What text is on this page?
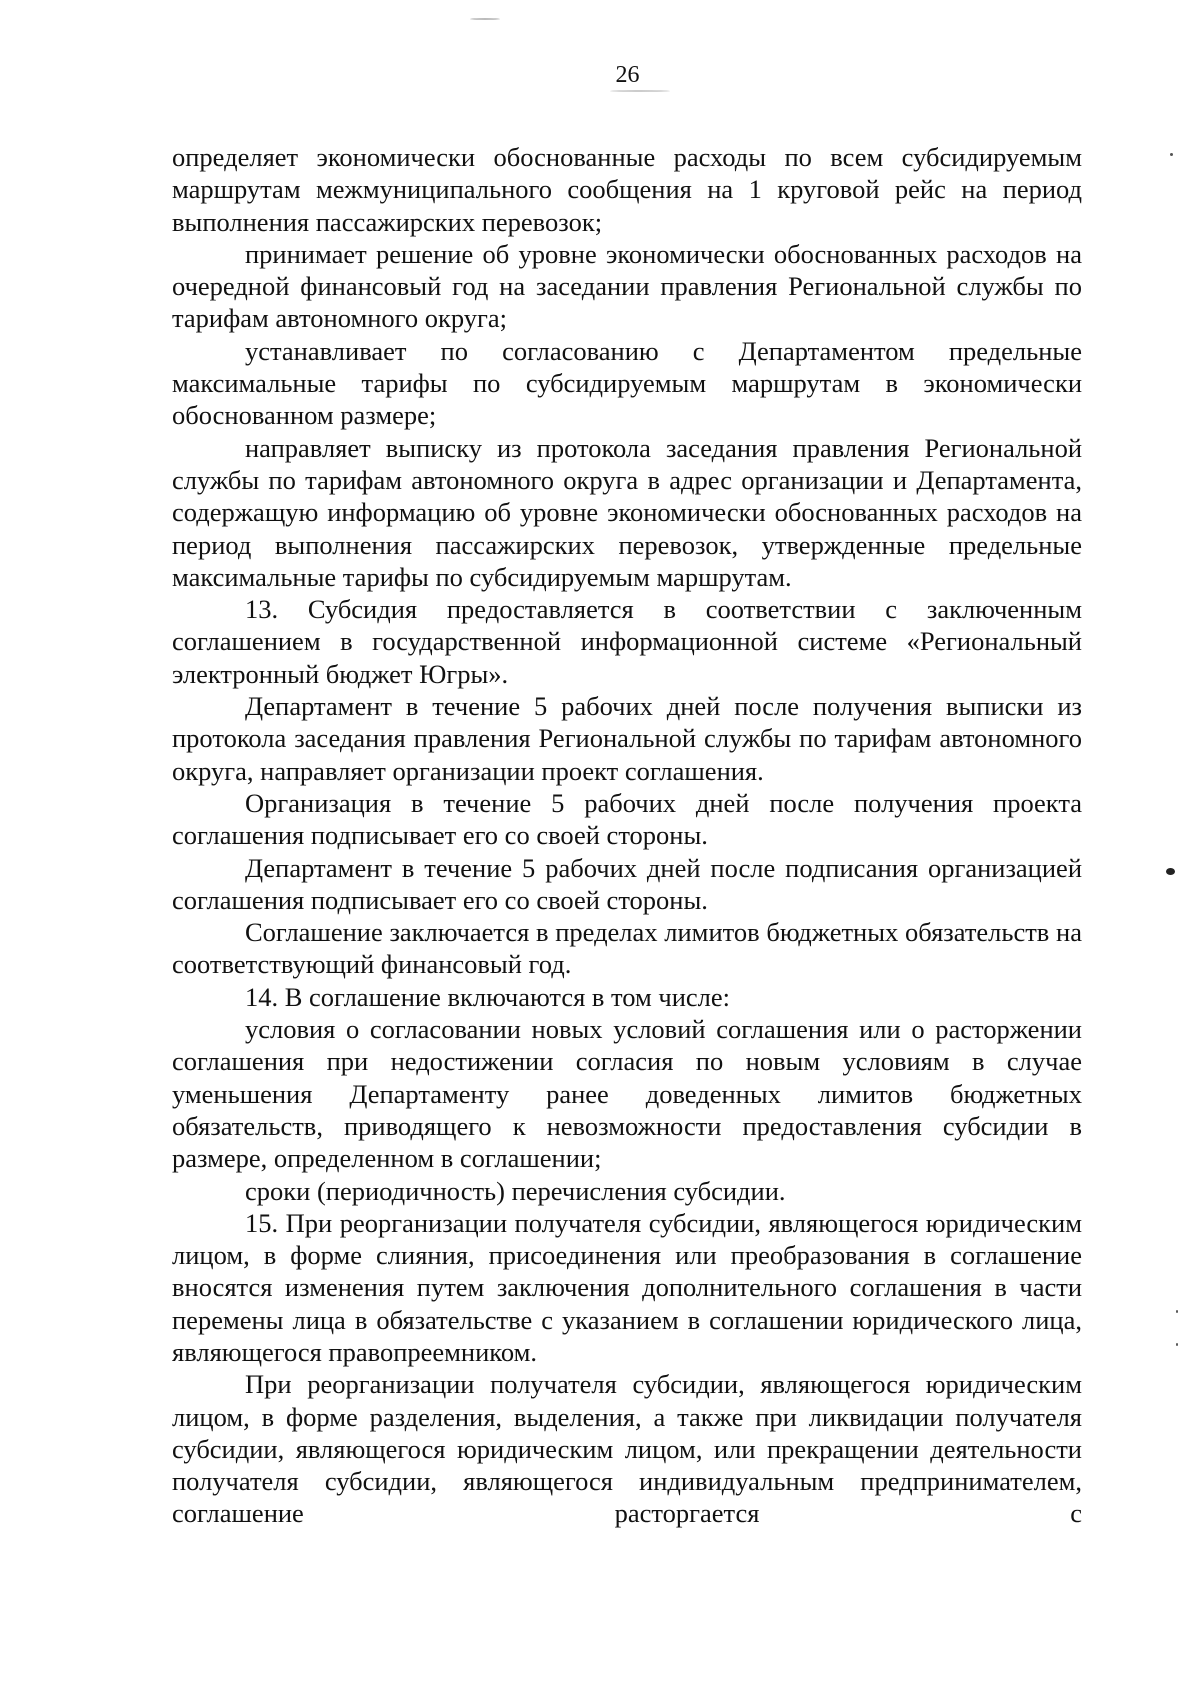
26

определяет экономически обоснованные расходы по всем субсидируемым маршрутам межмуниципального сообщения на 1 круговой рейс на период выполнения пассажирских перевозок;

принимает решение об уровне экономически обоснованных расходов на очередной финансовый год на заседании правления Региональной службы по тарифам автономного округа;

устанавливает по согласованию с Департаментом предельные максимальные тарифы по субсидируемым маршрутам в экономически обоснованном размере;

направляет выписку из протокола заседания правления Региональной службы по тарифам автономного округа в адрес организации и Департамента, содержащую информацию об уровне экономически обоснованных расходов на период выполнения пассажирских перевозок, утвержденные предельные максимальные тарифы по субсидируемым маршрутам.

13. Субсидия предоставляется в соответствии с заключенным соглашением в государственной информационной системе «Региональный электронный бюджет Югры».

Департамент в течение 5 рабочих дней после получения выписки из протокола заседания правления Региональной службы по тарифам автономного округа, направляет организации проект соглашения.

Организация в течение 5 рабочих дней после получения проекта соглашения подписывает его со своей стороны.

Департамент в течение 5 рабочих дней после подписания организацией соглашения подписывает его со своей стороны.

Соглашение заключается в пределах лимитов бюджетных обязательств на соответствующий финансовый год.

14. В соглашение включаются в том числе:

условия о согласовании новых условий соглашения или о расторжении соглашения при недостижении согласия по новым условиям в случае уменьшения Департаменту ранее доведенных лимитов бюджетных обязательств, приводящего к невозможности предоставления субсидии в размере, определенном в соглашении;

сроки (периодичность) перечисления субсидии.

15. При реорганизации получателя субсидии, являющегося юридическим лицом, в форме слияния, присоединения или преобразования в соглашение вносятся изменения путем заключения дополнительного соглашения в части перемены лица в обязательстве с указанием в соглашении юридического лица, являющегося правопреемником.

При реорганизации получателя субсидии, являющегося юридическим лицом, в форме разделения, выделения, а также при ликвидации получателя субсидии, являющегося юридическим лицом, или прекращении деятельности получателя субсидии, являющегося индивидуальным предпринимателем, соглашение расторгается с
